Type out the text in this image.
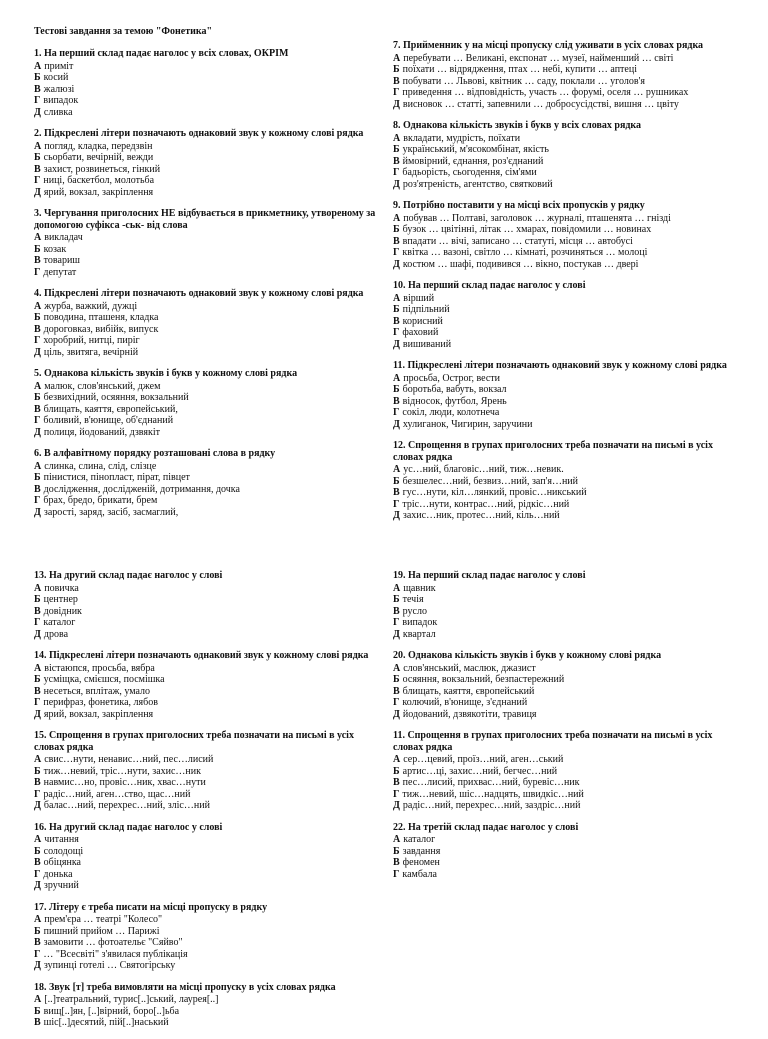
Тестові завдання за темою "Фонетика"
1. На перший склад падає наголос у всіх словах, ОКРІМ
А приміт
Б косий
В жалюзі
Г випадок
Д сливка
2. Підкреслені літери позначають однаковий звук у кожному слові рядка
А погляд, кладка, передзвін
Б сьорбати, вечірній, вежди
В захист, розвинеться, гінкий
Г ниці, баскетбол, молотьба
Д ярий, вокзал, закріплення
3. Чергування приголосних НЕ відбувається в прикметнику, утвореному за допомогою суфікса -ськ- від слова
А викладач
Б козак
В товариш
Г депутат
4. Підкреслені літери позначають однаковий звук у кожному слові рядка
А журба, важкий, дужці
Б поводина, пташеня, кладка
В дороговказ, вибійк, випуск
Г хоробрий, нитці, пиріг
Д ціль, звитяга, вечірній
5. Однакова кількість звуків і букв у кожному слові рядка
А малюк, слов'янський, джем
Б безвихідний, осяяння, вокзальний
В блищать, каяття, європейський,
Г боливий, в'юнище, об'єднаний
Д полиця, йодований, дзвякіт
6. В алфавітному порядку розташовані слова в рядку
А слинка, слина, слід, слізце
Б пінистися, пінопласт, пірат, півцет
В дослідження, дослідженій, дотримання, дочка
Г брах, бредо, брикати, брем
Д зарості, заряд, засіб, засмаглий,
7. Прийменник у на місці пропуску слід уживати в усіх словах рядка
А перебувати … Великані, експонат … музеї, найменший … світі
Б поїхати … відрядження, птах … небі, купити … аптеці
В побувати … Львові, квітник … саду, поклали … уголов'я
Г приведення … відповідність, участь … форумі, оселя … рушниках
Д висновок … статті, запевнили … добросусідстві, вишня … цвіту
8. Однакова кількість звуків і букв у всіх словах рядка
А вкладати, мудрість, поїхати
Б український, м'ясокомбінат, якість
В ймовірний, єднання, роз'єднаний
Г бадьорість, сьогодення, сім'ями
Д роз'ятреність, агентство, святковий
9. Потрібно поставити у на місці всіх пропусків у рядку
А побував … Полтаві, заголовок … журналі, пташенята … гнізді
Б бузок … цвітінні, літак … хмарах, повідомили … новинах
В впадати … вічі, записано … статуті, місця … автобусі
Г квітка … вазоні, світло … кімнаті, розчиняться … молоці
Д костюм … шафі, подивився … вікно, постукав … двері
10. На перший склад падає наголос у слові
А вірший
Б підпільний
В корисний
Г фаховий
Д вишиваний
11. Підкреслені літери позначають однаковий звук у кожному слові рядка
А просьба, Острог, вести
Б боротьба, вабуть, вокзал
В відносок, футбол, Ярень
Г сокіл, люди, колотнеча
Д хулиганок, Чигирин, заручини
12. Спрощення в групах приголосних треба позначати на письмі в усіх словах рядка
А ус…ний, благовіс…ний, тиж…невик.
Б безшелес…ний, безвиз…ний, зап'я…ний
В гус…нути, кіл…лянкий, провіс…никський
Г тріс…нути, контрас…ний, рідкіс…ний
Д захис…ник, протес…ний, кіль…ний
13. На другий склад падає наголос у слові
А повичка
Б центнер
В довідник
Г каталог
Д дрова
14. Підкреслені літери позначають однаковий звук у кожному слові рядка
А вістаюпся, просьба, вябра
Б усміщка, смієшся, посмішка
В несеться, вплітаж, умало
Г перифраз, фонетика, лябов
Д ярий, вокзал, закріплення
15. Спрощення в групах приголосних треба позначати на письмі в усіх словах рядка
А свис…нути, ненавис…ний, пес…лисий
Б тиж…невий, тріс…нути, захис…ник
В навмис…но, провіс…ник, хвас…нути
Г радіс…ний, аген…ство, щас…ний
Д балас…ний, перехрес…ний, зліс…ний
16. На другий склад падає наголос у слові
А читання
Б солодощі
В обіцянка
Г донька
Д зручний
17. Літеру є треба писати на місці пропуску в рядку
А прем'єра … театрі "Колесо"
Б пишний прийом … Парижі
В замовити … фотоательє "Сяйво"
Г … "Всесвіті" з'явилася публікація
Д зупинці готелі … Святогірську
18. Звук [т] треба вимовляти на місці пропуску в усіх словах рядка
А [..]театральний, турис[..]ський, лаурея[..]
Б вищ[..]ян, [..]вірний, боро[..]ьба
В шіс[..]десятий, пій[..]наський
19. На перший склад падає наголос у слові
А щавник
Б течія
В русло
Г випадок
Д квартал
20. Однакова кількість звуків і букв у кожному слові рядка
А слов'янський, маслюк, джазист
Б осяяння, вокзальний, безпастережний
В блищать, каяття, європейський
Г колючий, в'юнище, з'єднаний
Д йодований, дзвякотіти, травиця
11. Спрощення в групах приголосних треба позначати на письмі в усіх словах рядка
А сер…цевий, проїз…ний, аген…ський
Б артис…ці, захис…ний, бегчес…ний
В пес…лисий, прихвас…ний, буревіс…ник
Г тиж…невий, шіс…надцять, швидкіс…ний
Д радіс…ний, перехрес…ний, заздріс…ний
22. На третій склад падає наголос у слові
А каталог
Б завдання
В феномен
Г камбала
